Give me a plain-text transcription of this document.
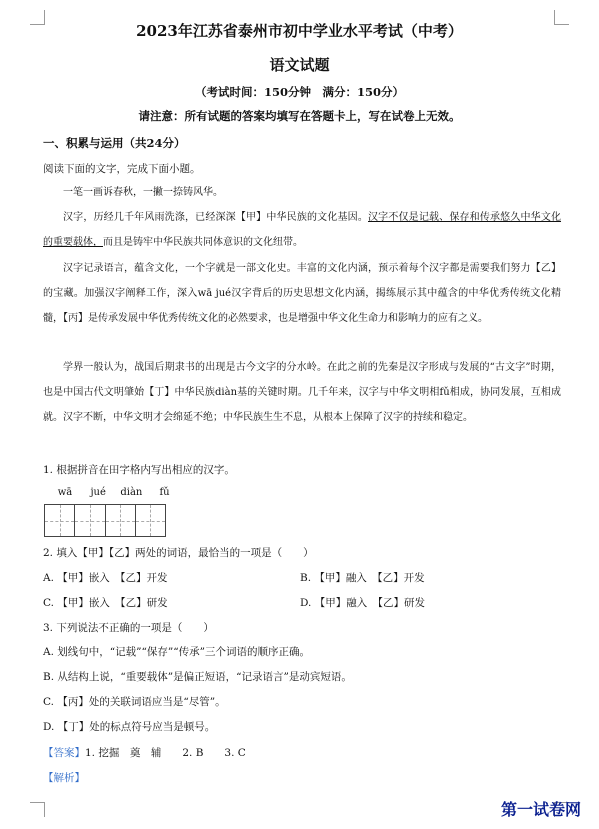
2023年江苏省泰州市初中学业水平考试（中考）
语文试题
（考试时间：150分钟　满分：150分）
请注意：所有试题的答案均填写在答题卡上，写在试卷上无效。
一、积累与运用（共24分）
阅读下面的文字，完成下面小题。
一笔一画诉春秋，一撇一捺铸风华。
汉字，历经几千年风雨洗涤，已经深深【甲】中华民族的文化基因。汉字不仅是记载、保存和传承悠久中华文化的重要载体，而且是铸牢中华民族共同体意识的文化纽带。
汉字记录语言，蕴含文化，一个字就是一部文化史。丰富的文化内涵，预示着每个汉字都是需要我们努力【乙】的宝藏。加强汉字阐释工作，深入wā jué汉字背后的历史思想文化内涵，揭练展示其中蕴含的中华优秀传统文化精髓，【丙】是传承发展中华优秀传统文化的必然要求，也是增强中华文化生命力和影响力的应有之义。
学界一般认为，战国后期隶书的出现是古今文字的分水岭。在此之前的先秦是汉字形成与发展的“古文字”时期，也是中国古代文明肇始【丁】中华民族diàn基的关键时期。几千年来，汉字与中华文明相fǔ相成，协同发展，互相成就。汉字不断，中华文明才会绵延不绝；中华民族生生不息，从根本上保障了汉字的持续和稳定。
1. 根据拼音在田字格内写出相应的汉字。
wā jué diàn fǔ
2. 填入【甲】【乙】两处的词语，最恰当的一项是（　　）
A. 【甲】嵌入　【乙】开发	B. 【甲】融入　【乙】开发
C. 【甲】嵌入　【乙】研发	D. 【甲】融入　【乙】研发
3. 下列说法不正确的一项是（　　）
A. 划线句中，“记载”“保存”“传承”三个词语的顺序正确。
B. 从结构上说，“重要载体”是偏正短语，“记录语言”是动宾短语。
C. 【丙】处的关联词语应当是“尽管”。
D. 【丁】处的标点符号应当是顿号。
【答案】1. 挖掘　奠　辅　　2. B　　3. C
【解析】
第一试卷网
